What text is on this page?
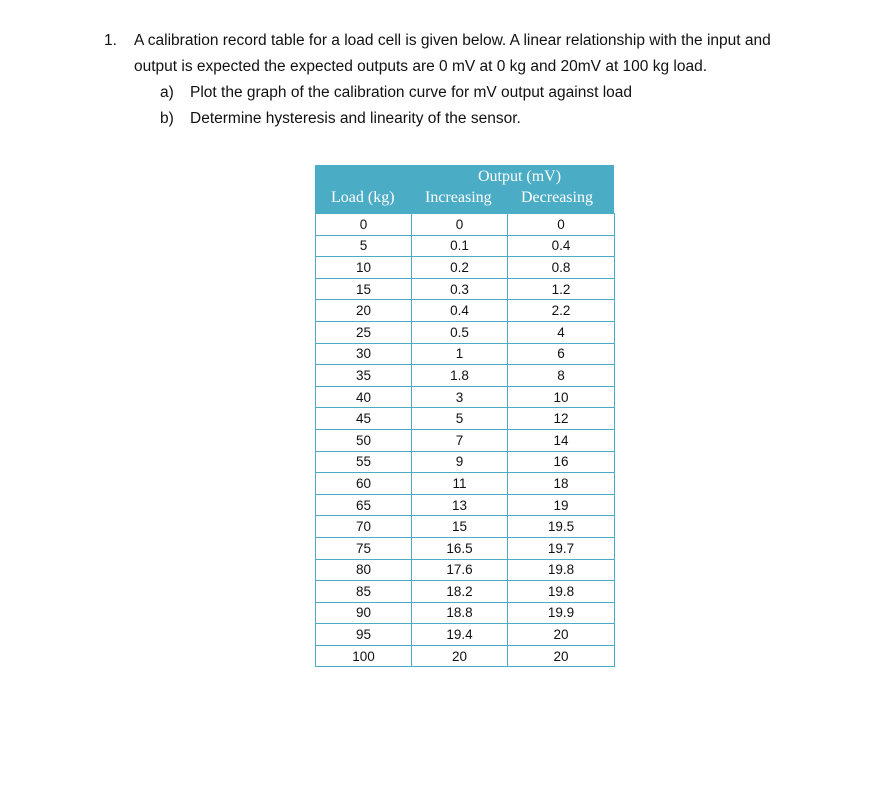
1. A calibration record table for a load cell is given below. A linear relationship with the input and
output is expected the expected outputs are 0 mV at 0 kg and 20mV at 100 kg load.
a) Plot the graph of the calibration curve for mV output against load
b) Determine hysteresis and linearity of the sensor.
Output (mV)
Load (kg) Increasing Decreasing
0	0	0
5	0.1	0.4
10	0.2	0.8
15	0.3	1.2
20	0.4	2.2
25	0.5	4
30	1	6
35	1.8	8
40	3	10
45	5	12
50	7	14
55	9	16
60	11	18
65	13	19
70	15	19.5
75	16.5	19.7
80	17.6	19.8
85	18.2	19.8
90	18.8	19.9
95	19.4	20
100	20	20
